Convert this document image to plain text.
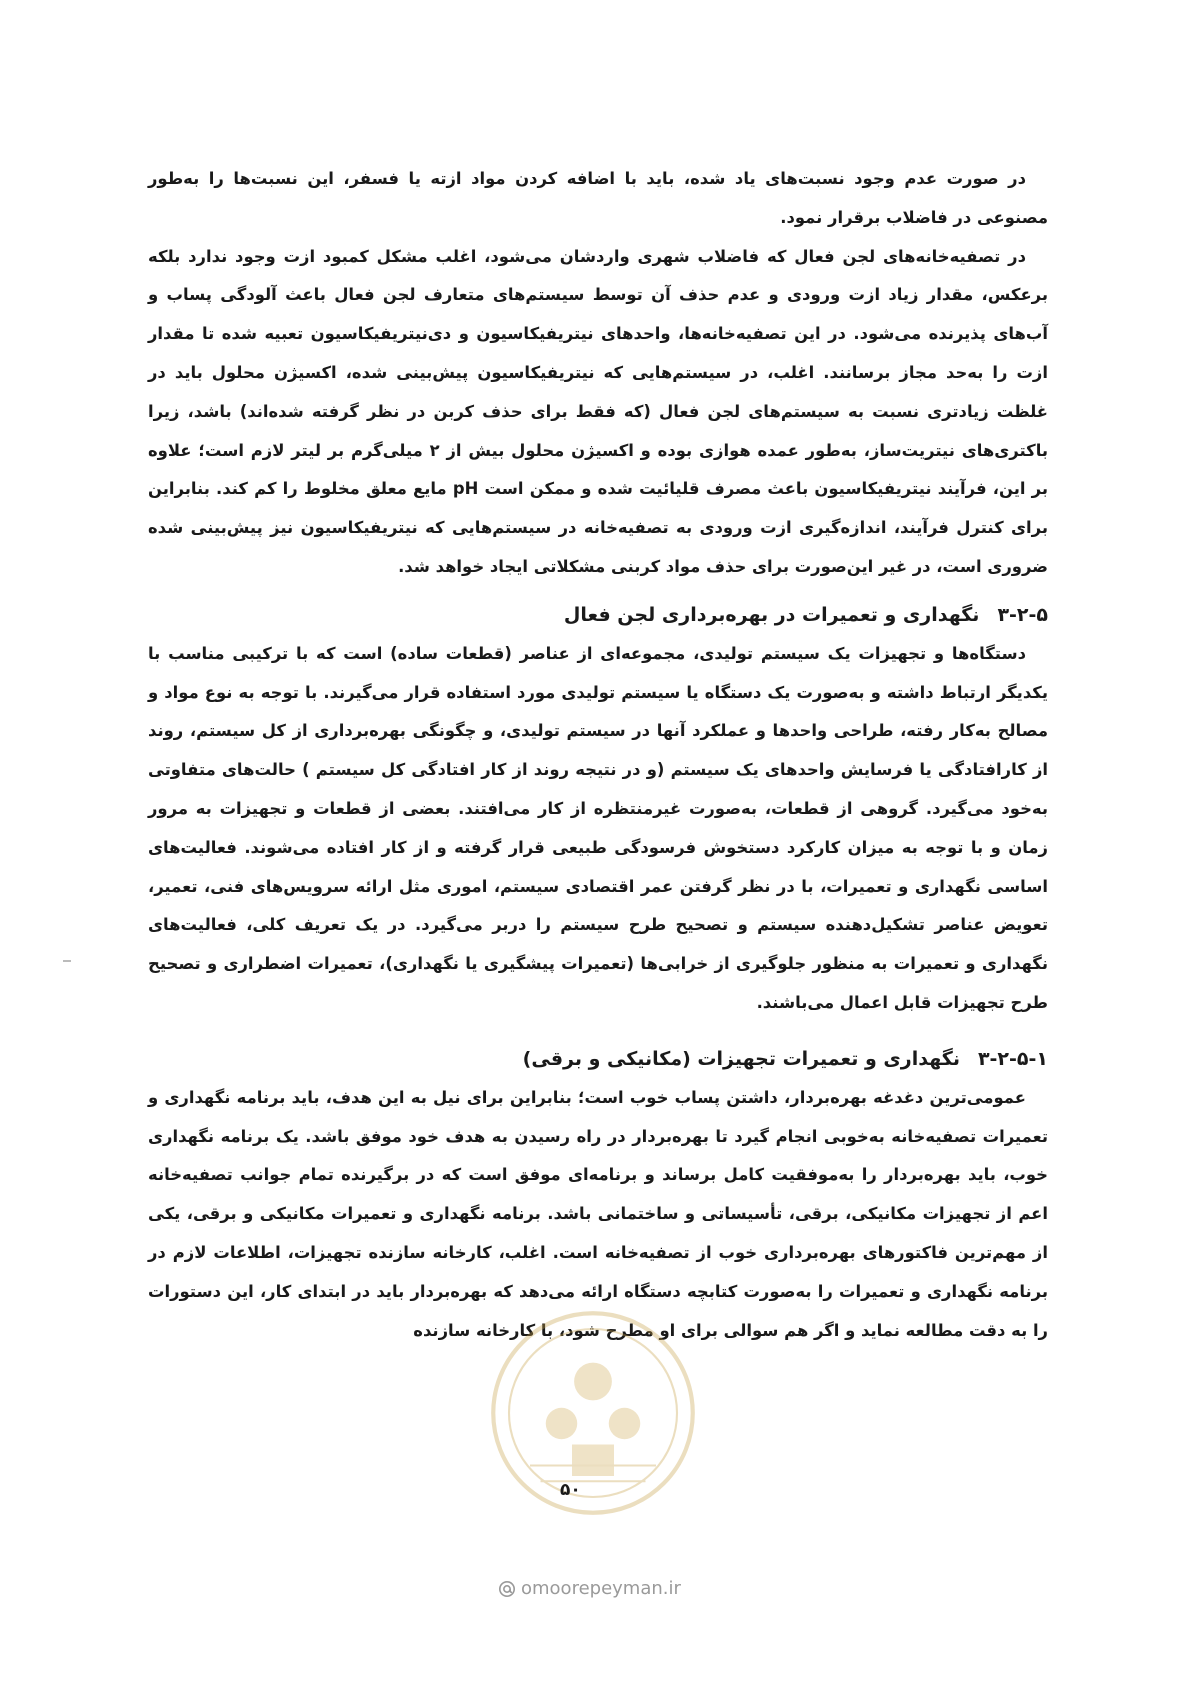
در صورت عدم وجود نسبت‌های یاد شده، باید با اضافه کردن مواد ازته یا فسفر، این نسبت‌ها را به‌طور مصنوعی در فاضلاب برقرار نمود.

در تصفیه‌خانه‌های لجن فعال که فاضلاب شهری واردشان می‌شود، اغلب مشکل کمبود ازت وجود ندارد بلکه برعکس، مقدار زیاد ازت ورودی و عدم حذف آن توسط سیستم‌های متعارف لجن فعال باعث آلودگی پساب و آب‌های پذیرنده می‌شود. در این تصفیه‌خانه‌ها، واحدهای نیتریفیکاسیون و دی‌نیتریفیکاسیون تعبیه شده تا مقدار ازت را به‌حد مجاز برسانند. اغلب، در سیستم‌هایی که نیتریفیکاسیون پیش‌بینی شده، اکسیژن محلول باید در غلظت زیادتری نسبت به سیستم‌های لجن فعال (که فقط برای حذف کربن در نظر گرفته شده‌اند) باشد، زیرا باکتری‌های نیتریت‌ساز، به‌طور عمده هوازی بوده و اکسیژن محلول بیش از ۲ میلی‌گرم بر لیتر لازم است؛ علاوه بر این، فرآیند نیتریفیکاسیون باعث مصرف قلیائیت شده و ممکن است pH مایع معلق مخلوط را کم کند. بنابراین برای کنترل فرآیند، اندازه‌گیری ازت ورودی به تصفیه‌خانه در سیستم‌هایی که نیتریفیکاسیون نیز پیش‌بینی شده ضروری است، در غیر این‌صورت برای حذف مواد کربنی مشکلاتی ایجاد خواهد شد.

۳-۲-۵
نگهداری و تعمیرات در بهره‌برداری لجن فعال

دستگاه‌ها و تجهیزات یک سیستم تولیدی، مجموعه‌ای از عناصر (قطعات ساده) است که با ترکیبی مناسب با یکدیگر ارتباط داشته و به‌صورت یک دستگاه یا سیستم تولیدی مورد استفاده قرار می‌گیرند. با توجه به نوع مواد و مصالح به‌کار رفته، طراحی واحدها و عملکرد آنها در سیستم تولیدی، و چگونگی بهره‌برداری از کل سیستم، روند از کارافتادگی یا فرسایش واحدهای یک سیستم (و در نتیجه روند از کار افتادگی کل سیستم ) حالت‌های متفاوتی به‌خود می‌گیرد. گروهی از قطعات، به‌صورت غیرمنتظره از کار می‌افتند. بعضی از قطعات و تجهیزات به مرور زمان و با توجه به میزان کارکرد دستخوش فرسودگی طبیعی قرار گرفته و از کار افتاده می‌شوند. فعالیت‌های اساسی نگهداری و تعمیرات، با در نظر گرفتن عمر اقتصادی سیستم، اموری مثل ارائه سرویس‌های فنی، تعمیر، تعویض عناصر تشکیل‌دهنده سیستم و تصحیح طرح سیستم را دربر می‌گیرد. در یک تعریف کلی، فعالیت‌های نگهداری و تعمیرات به منظور جلوگیری از خرابی‌ها (تعمیرات پیشگیری یا نگهداری)، تعمیرات اضطراری و تصحیح طرح تجهیزات قابل اعمال می‌باشند.

۳-۲-۵-۱
نگهداری و تعمیرات تجهیزات (مکانیکی و برقی)

عمومی‌ترین دغدغه بهره‌بردار، داشتن پساب خوب است؛ بنابراین برای نیل به این هدف، باید برنامه نگهداری و تعمیرات تصفیه‌خانه به‌خوبی انجام گیرد تا بهره‌بردار در راه رسیدن به هدف خود موفق باشد. یک برنامه نگهداری خوب، باید بهره‌بردار را به‌موفقیت کامل برساند و برنامه‌ای موفق است که در برگیرنده تمام جوانب تصفیه‌خانه اعم از تجهیزات مکانیکی، برقی، تأسیساتی و ساختمانی باشد. برنامه نگهداری و تعمیرات مکانیکی و برقی، یکی از مهم‌ترین فاکتورهای بهره‌برداری خوب از تصفیه‌خانه است. اغلب، کارخانه سازنده تجهیزات، اطلاعات لازم در برنامه نگهداری و تعمیرات را به‌صورت کتابچه دستگاه ارائه می‌دهد که بهره‌بردار باید در ابتدای کار، این دستورات را به دقت مطالعه نماید و اگر هم سوالی برای او مطرح شود، با کارخانه سازنده

۵۰
omoorepeyman.ir
